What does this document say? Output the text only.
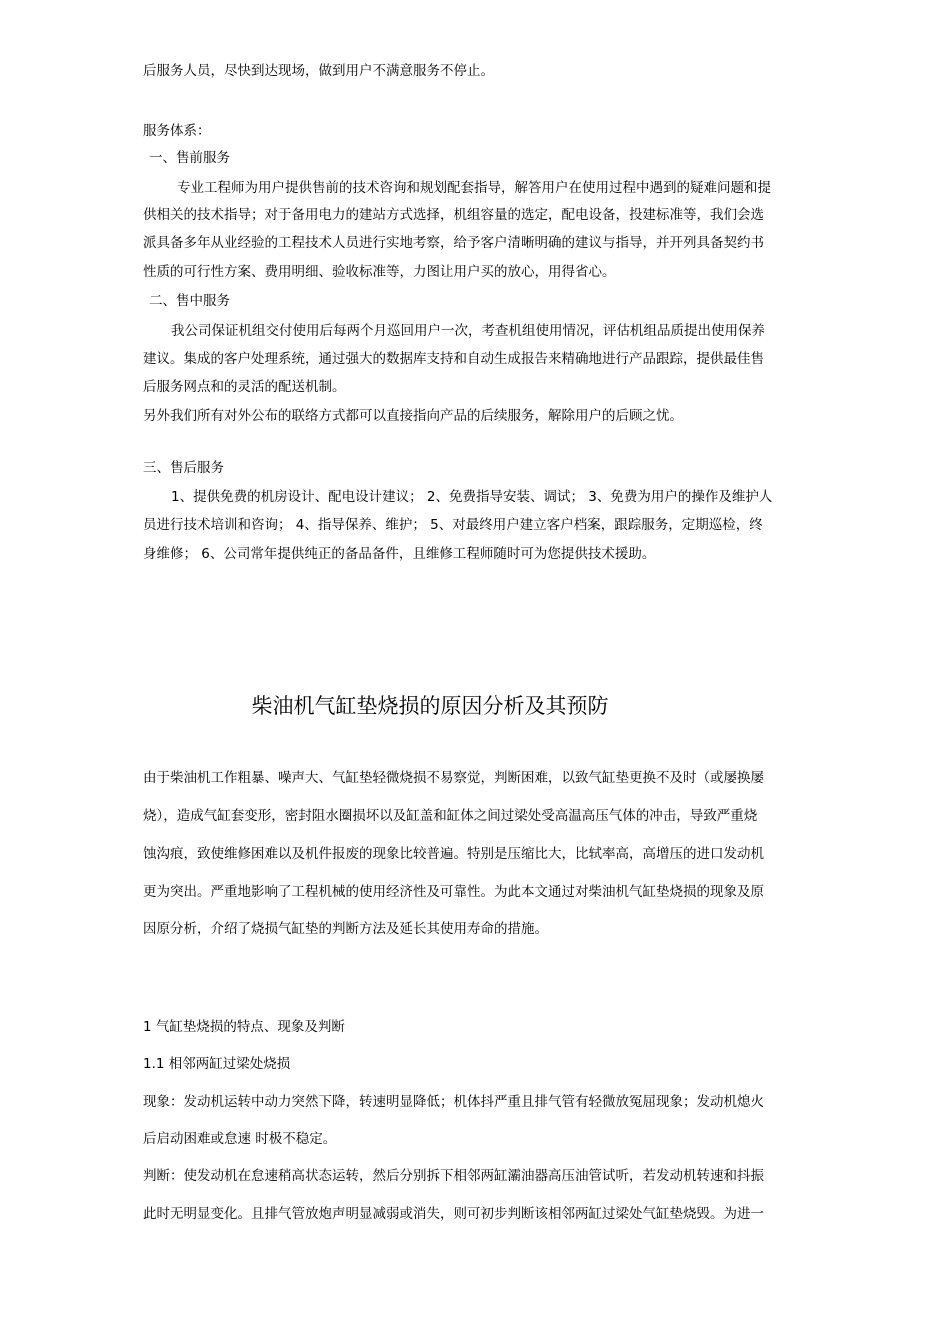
后服务人员，尽快到达现场，做到用户不满意服务不停止。
服务体系：
一、售前服务
专业工程师为用户提供售前的技术咨询和规划配套指导，解答用户在使用过程中遇到的疑难问题和提
供相关的技术指导；对于备用电力的建站方式选择，机组容量的选定，配电设备，投建标准等，我们会选
派具备多年从业经验的工程技术人员进行实地考察，给予客户清晰明确的建议与指导，并开列具备契约书
性质的可行性方案、费用明细、验收标准等，力图让用户买的放心，用得省心。
二、售中服务
我公司保证机组交付使用后每两个月巡回用户一次，考查机组使用情况，评估机组品质提出使用保养
建议。集成的客户处理系统，通过强大的数据库支持和自动生成报告来精确地进行产品跟踪，提供最佳售
后服务网点和的灵活的配送机制。
另外我们所有对外公布的联络方式都可以直接指向产品的后续服务，解除用户的后顾之忧。
三、售后服务
1、提供免费的机房设计、配电设计建议； 2、免费指导安装、调试； 3、免费为用户的操作及维护人
员进行技术培训和咨询； 4、指导保养、维护； 5、对最终用户建立客户档案，跟踪服务，定期巡检，终
身维修； 6、公司常年提供纯正的备品备件，且维修工程师随时可为您提供技术援助。
柴油机气缸垫烧损的原因分析及其预防
由于柴油机工作粗暴、噪声大、气缸垫轻微烧损不易察觉，判断困难，以致气缸垫更换不及时（或屡换屡
烧），造成气缸套变形，密封阻水圈损坏以及缸盖和缸体之间过梁处受高温高压气体的冲击，导致严重烧
蚀沟痕，致使维修困难以及机件报废的现象比较普遍。特别是压缩比大，比轼率高，高增压的进口发动机
更为突出。严重地影响了工程机械的使用经济性及可靠性。为此本文通过对柴油机气缸垫烧损的现象及原
因原分析，介绍了烧损气缸垫的判断方法及延长其使用寿命的措施。
1 气缸垫烧损的特点、现象及判断
1.1 相邻两缸过梁处烧损
现象：发动机运转中动力突然下降，转速明显降低；机体抖严重且排气管有轻微放冤屈现象；发动机熄火
后启动困难或怠速 时极不稳定。
判断：使发动机在怠速稍高状态运转，然后分别拆下相邻两缸灞油器高压油管试听，若发动机转速和抖振
此时无明显变化。且排气管放炮声明显减弱或消失，则可初步判断该相邻两缸过梁处气缸垫烧毁。为进一
